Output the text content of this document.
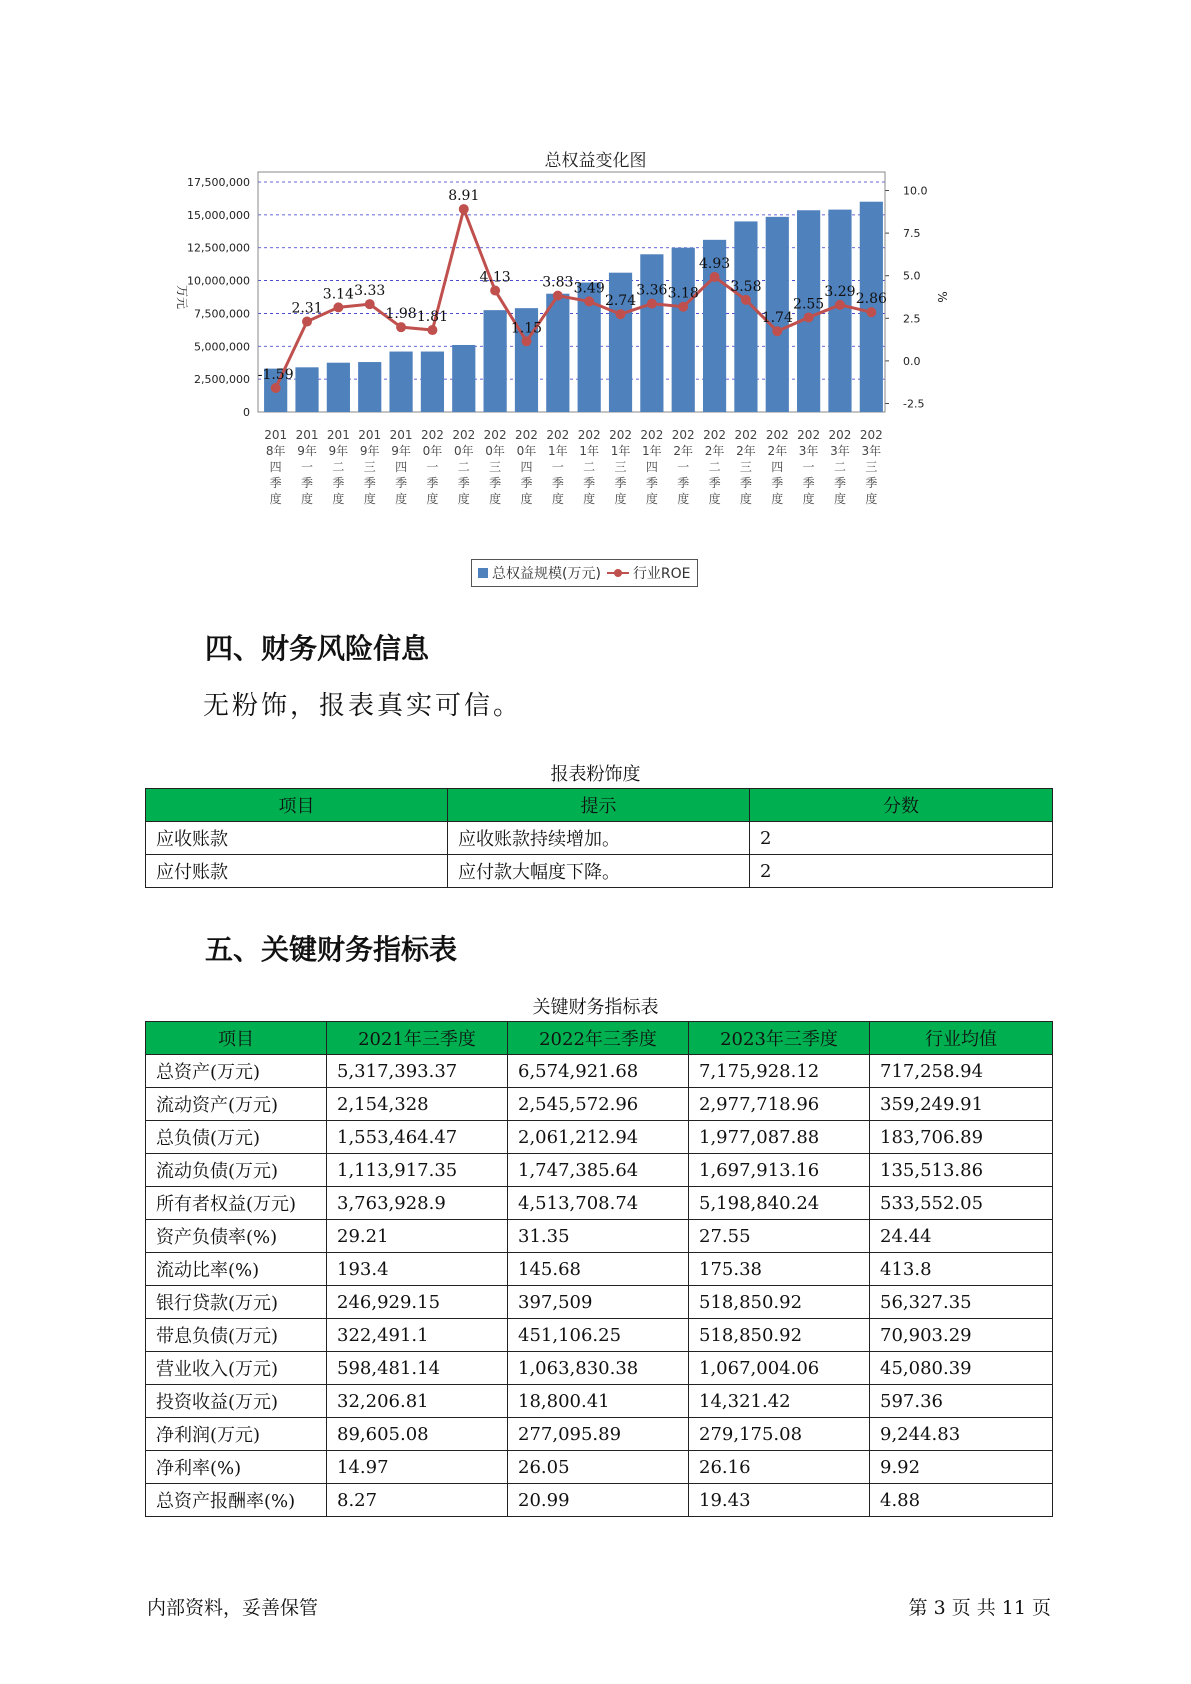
总权益变化图
0
2,500,000
5,000,000
7,500,000
10,000,000
12,500,000
15,000,000
17,500,000
-2.5
0.0
2.5
5.0
7.5
10.0
万元	%
201 8年四季度
201 9年一季度
201 9年二季度
201 9年三季度
201 9年四季度
202 0年一季度
202 0年二季度
202 0年三季度
202 0年四季度
202 1年一季度
202 1年二季度
202 1年三季度
202 1年四季度
202 2年一季度
202 2年二季度
202 2年三季度
202 2年四季度
202 3年一季度
202 3年二季度
202 3年三季度
-1.59
2.31
3.14 3.33
1.98 1.81
8.91
4.13
1.15
3.83 3.49
2.74
3.36 3.18
4.93
3.58
1.74
2.55
3.29 2.86
总权益规模(万元) 行业ROE
四、财务风险信息
无粉饰，报表真实可信。
报表粉饰度
项目	提示	分数
应收账款	应收账款持续增加。	2
应付账款	应付款大幅度下降。	2
五、关键财务指标表
关键财务指标表
项目	2021年三季度	2022年三季度	2023年三季度	行业均值
总资产(万元)	5,317,393.37	6,574,921.68	7,175,928.12	717,258.94
流动资产(万元)	2,154,328	2,545,572.96	2,977,718.96	359,249.91
总负债(万元)	1,553,464.47	2,061,212.94	1,977,087.88	183,706.89
流动负债(万元)	1,113,917.35	1,747,385.64	1,697,913.16	135,513.86
所有者权益(万元)	3,763,928.9	4,513,708.74	5,198,840.24	533,552.05
资产负债率(%)	29.21	31.35	27.55	24.44
流动比率(%)	193.4	145.68	175.38	413.8
银行贷款(万元)	246,929.15	397,509	518,850.92	56,327.35
带息负债(万元)	322,491.1	451,106.25	518,850.92	70,903.29
营业收入(万元)	598,481.14	1,063,830.38	1,067,004.06	45,080.39
投资收益(万元)	32,206.81	18,800.41	14,321.42	597.36
净利润(万元)	89,605.08	277,095.89	279,175.08	9,244.83
净利率(%)	14.97	26.05	26.16	9.92
总资产报酬率(%)	8.27	20.99	19.43	4.88
内部资料，妥善保管	第 3 页 共 11 页
